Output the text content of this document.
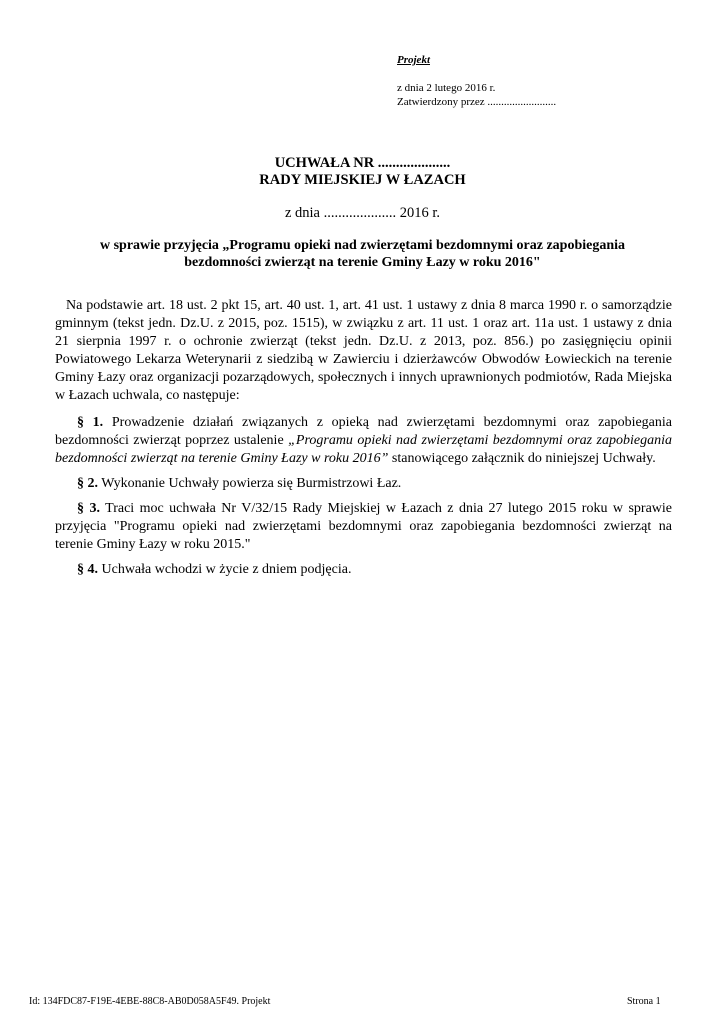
Projekt
z dnia 2 lutego 2016 r.
Zatwierdzony przez .........................
UCHWAŁA NR ....................
RADY MIEJSKIEJ W ŁAZACH
z dnia .................... 2016 r.
w sprawie przyjęcia „Programu opieki nad zwierzętami bezdomnymi oraz zapobiegania
bezdomności zwierząt na terenie Gminy Łazy w roku 2016"

Na podstawie art. 18 ust. 2 pkt 15, art. 40 ust. 1, art. 41 ust. 1 ustawy z dnia 8 marca 1990 r. o samorządzie gminnym (tekst jedn. Dz.U. z 2015, poz. 1515), w związku z art. 11 ust. 1 oraz art. 11a ust. 1 ustawy z dnia 21 sierpnia 1997 r. o ochronie zwierząt (tekst jedn. Dz.U. z 2013, poz. 856.) po zasięgnięciu opinii Powiatowego Lekarza Weterynarii z siedzibą w Zawierciu i dzierżawców Obwodów Łowieckich na terenie Gminy Łazy oraz organizacji pozarządowych, społecznych i innych uprawnionych podmiotów, Rada Miejska w Łazach uchwala, co następuje:

§ 1. Prowadzenie działań związanych z opieką nad zwierzętami bezdomnymi oraz zapobiegania bezdomności zwierząt poprzez ustalenie „Programu opieki nad zwierzętami bezdomnymi oraz zapobiegania bezdomności zwierząt na terenie Gminy Łazy w roku 2016” stanowiącego załącznik do niniejszej Uchwały.

§ 2. Wykonanie Uchwały powierza się Burmistrzowi Łaz.

§ 3. Traci moc uchwała Nr V/32/15 Rady Miejskiej w Łazach z dnia 27 lutego 2015 roku w sprawie przyjęcia "Programu opieki nad zwierzętami bezdomnymi oraz zapobiegania bezdomności zwierząt na terenie Gminy Łazy w roku 2015."

§ 4. Uchwała wchodzi w życie z dniem podjęcia.

Id: 134FDC87-F19E-4EBE-88C8-AB0D058A5F49. Projekt	Strona 1
